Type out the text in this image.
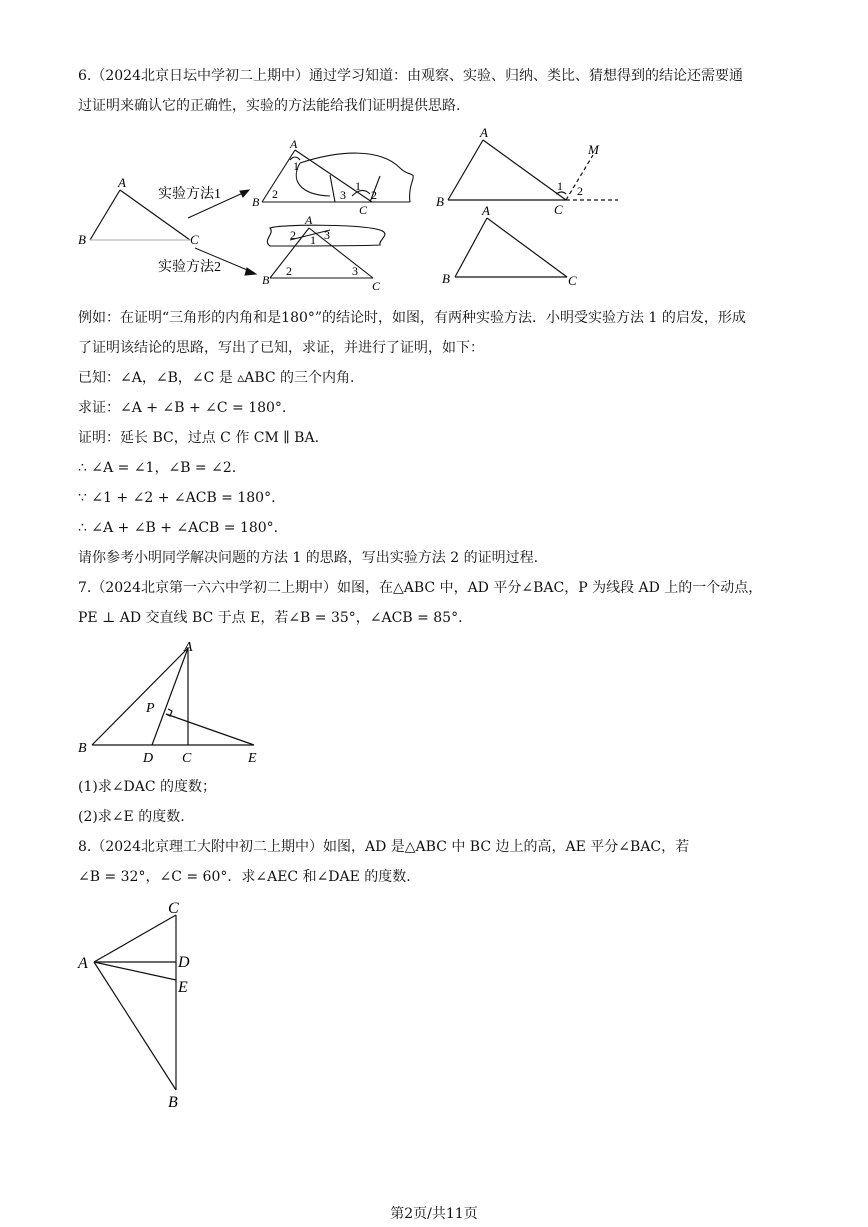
6.（2024北京日坛中学初二上期中）通过学习知道：由观察、实验、归纳、类比、猜想得到的结论还需要通
过证明来确认它的正确性，实验的方法能给我们证明提供思路.
A
B	C
实验方法1
实验方法2
A
1
B
2	3
1
C
2
A
2 1 3
B
2	3
C
A
B
C
M
1 2
A
B	C
例如：在证明“三角形的内角和是180°”的结论时，如图，有两种实验方法．小明受实验方法 1 的启发，形成
了证明该结论的思路，写出了已知，求证，并进行了证明，如下：
已知：∠A，∠B，∠C 是 ▵ABC 的三个内角.
求证：∠A + ∠B + ∠C = 180°.
证明：延长 BC，过点 C 作 CM ∥ BA.
∴ ∠A = ∠1，∠B = ∠2.
∵ ∠1 + ∠2 + ∠ACB = 180°.
∴ ∠A + ∠B + ∠ACB = 180°.
请你参考小明同学解决问题的方法 1 的思路，写出实验方法 2 的证明过程.
7.（2024北京第一六六中学初二上期中）如图，在△ABC 中，AD 平分∠BAC，P 为线段 AD 上的一个动点，
PE ⊥ AD 交直线 BC 于点 E，若∠B = 35°，∠ACB = 85°.
A
B
C
D	E
P
(1)求∠DAC 的度数；
(2)求∠E 的度数.
8.（2024北京理工大附中初二上期中）如图，AD 是△ABC 中 BC 边上的高，AE 平分∠BAC，若
∠B = 32°，∠C = 60°．求∠AEC 和∠DAE 的度数.
C
A	D
E
B
第2页/共11页
